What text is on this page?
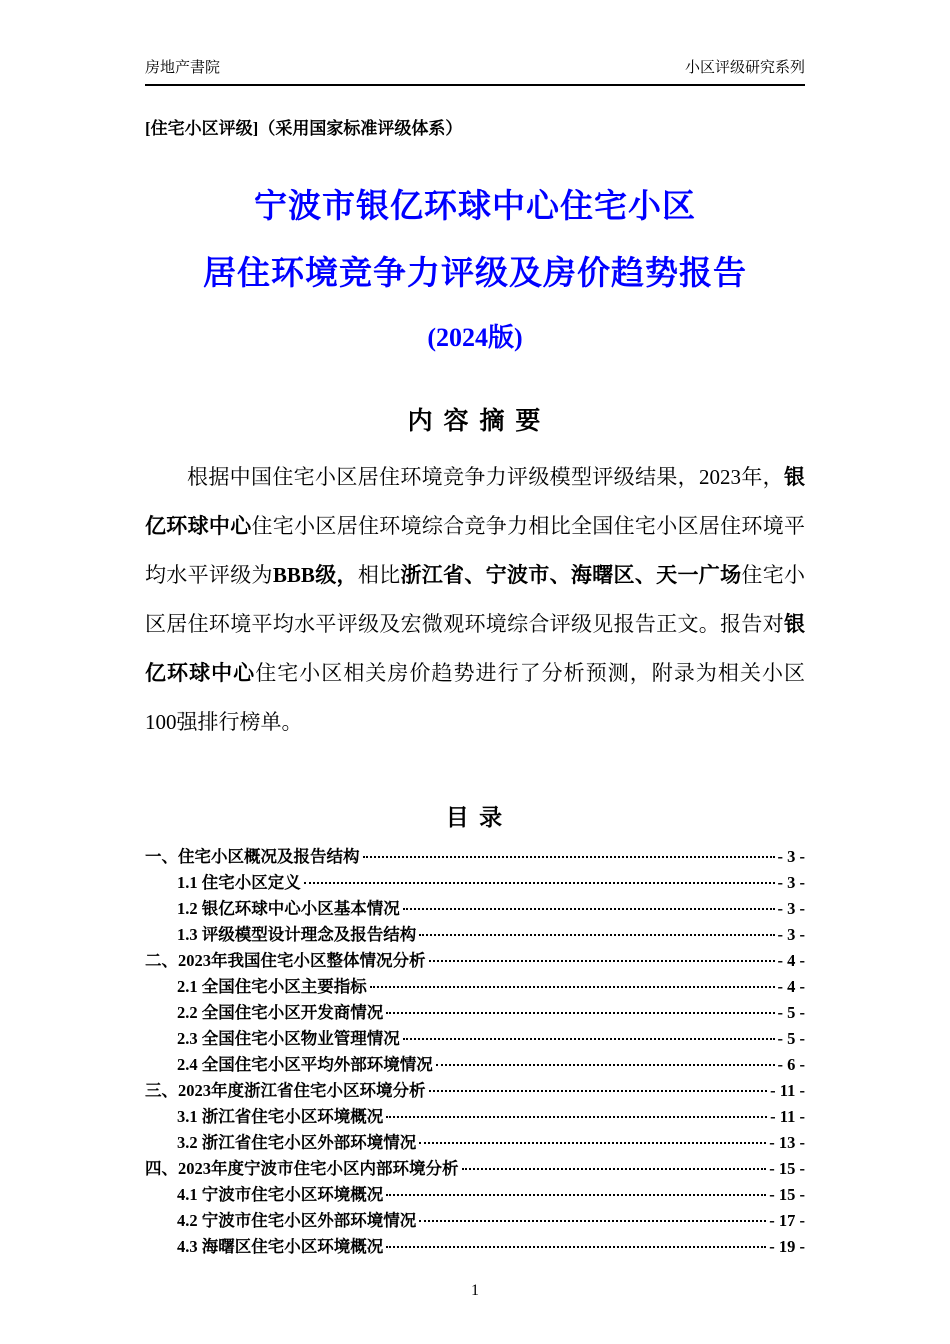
房地产書院	小区评级研究系列
[住宅小区评级]（采用国家标准评级体系）
宁波市银亿环球中心住宅小区
居住环境竞争力评级及房价趋势报告
(2024版)
内 容 摘 要
根据中国住宅小区居住环境竞争力评级模型评级结果，2023年，银亿环球中心住宅小区居住环境综合竞争力相比全国住宅小区居住环境平均水平评级为BBB级，相比浙江省、宁波市、海曙区、天一广场住宅小区居住环境平均水平评级及宏微观环境综合评级见报告正文。报告对银亿环球中心住宅小区相关房价趋势进行了分析预测，附录为相关小区100强排行榜单。
目 录
一、住宅小区概况及报告结构	- 3 -
1.1 住宅小区定义	- 3 -
1.2 银亿环球中心小区基本情况	- 3 -
1.3 评级模型设计理念及报告结构	- 3 -
二、2023年我国住宅小区整体情况分析	- 4 -
2.1 全国住宅小区主要指标	- 4 -
2.2 全国住宅小区开发商情况	- 5 -
2.3 全国住宅小区物业管理情况	- 5 -
2.4 全国住宅小区平均外部环境情况	- 6 -
三、2023年度浙江省住宅小区环境分析	- 11 -
3.1 浙江省住宅小区环境概况	- 11 -
3.2 浙江省住宅小区外部环境情况	- 13 -
四、2023年度宁波市住宅小区内部环境分析	- 15 -
4.1 宁波市住宅小区环境概况	- 15 -
4.2 宁波市住宅小区外部环境情况	- 17 -
4.3 海曙区住宅小区环境概况	- 19 -
1
